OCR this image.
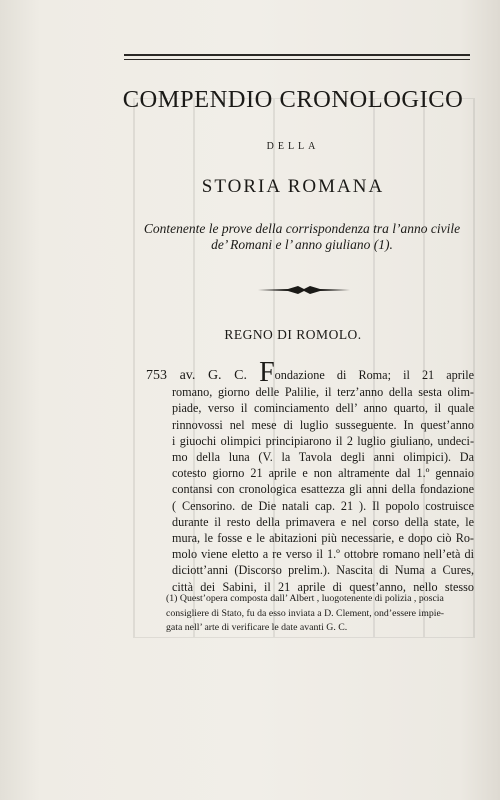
COMPENDIO CRONOLOGICO
DELLA
STORIA ROMANA
Contenente le prove della corrispondenza tra l’anno civile
de’ Romani e l’ anno giuliano (1).
REGNO DI ROMOLO.
753 av. G. C. Fondazione di Roma; il 21 aprile
romano, giorno delle Palilie, il terz’anno della sesta olim-
piade, verso il cominciamento dell’ anno quarto, il quale
rinnovossi nel mese di luglio susseguente. In quest’anno
i giuochi olimpici principiarono il 2 luglio giuliano, undeci-
mo della luna (V. la Tavola degli anni olimpici). Da
cotesto giorno 21 aprile e non altramente dal 1.º gennaio
contansi con cronologica esattezza gli anni della fondazione
( Censorino. de Die natali cap. 21 ). Il popolo costruisce
durante il resto della primavera e nel corso della state, le
mura, le fosse e le abitazioni più necessarie, e dopo ciò Ro-
molo viene eletto a re verso il 1.º ottobre romano nell’età di
diciott’anni (Discorso prelim.). Nascita di Numa a Cures,
città dei Sabini, il 21 aprile di quest’anno, nello stesso
(1) Quest’opera composta dall’ Albert , luogotenente di polizia , poscia
consigliere di Stato, fu da esso inviata a D. Clement, ond’essere impie-
gata nell’ arte di verificare le date avanti G. C.
